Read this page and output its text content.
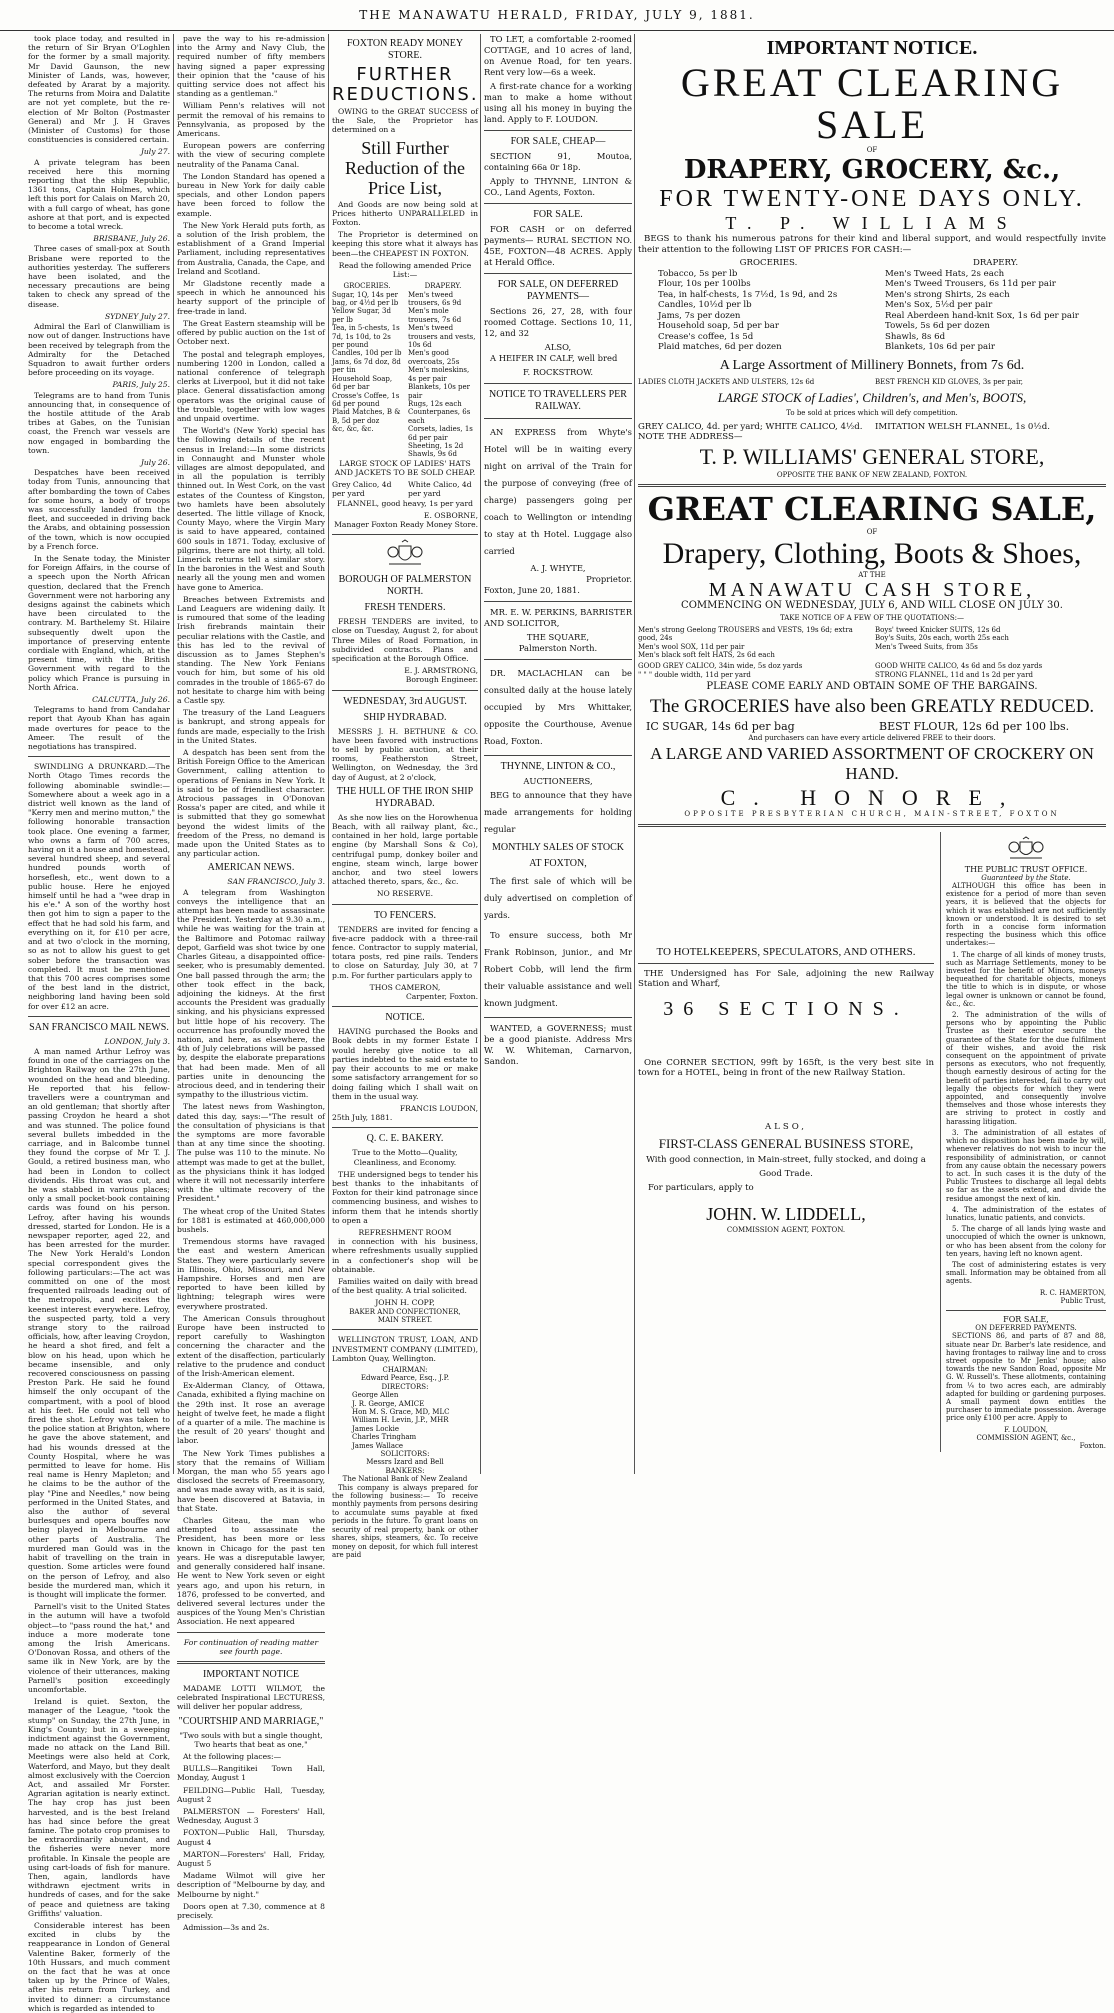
THE MANAWATU HERALD, FRIDAY, JULY 9, 1881.

took place today, and resulted in the return of Sir Bryan O'Loghlen for the former by a small majority. Mr David Gaunson, the new Minister of Lands, was, however, defeated by Ararat by a majority. The returns from Moira and Dalatite are not yet complete, but the re-election of Mr Bolton (Postmaster General) and Mr J. H Graves (Minister of Customs) for those constituencies is considered certain.

July 27.

A private telegram has been received here this morning reporting that the ship Republic, 1361 tons, Captain Holmes, which left this port for Calais on March 20, with a full cargo of wheat, has gone ashore at that port, and is expected to become a total wreck.

BRISBANE, July 26.

Three cases of small-pox at South Brisbane were reported to the authorities yesterday. The sufferers have been isolated, and the necessary precautions are being taken to check any spread of the disease.

SYDNEY July 27.

Admiral the Earl of Clanwilliam is now out of danger. Instructions have been received by telegraph from the Admiralty for the Detached Squadron to await further orders before proceeding on its voyage.

PARIS, July 25.

Telegrams are to hand from Tunis announcing that, in consequence of the hostile attitude of the Arab tribes at Gabes, on the Tunisian coast, the French war vessels are now engaged in bombarding the town.

July 26.

Despatches have been received today from Tunis, announcing that after bombarding the town of Cabes for some hours, a body of troops was successfully landed from the fleet, and succeeded in driving back the Arabs, and obtaining possession of the town, which is now occupied by a French force.

In the Senate today, the Minister for Foreign Affairs, in the course of a speech upon the North African question, declared that the French Government were not harboring any designs against the cabinets which have been circulated to the contrary. M. Barthelemy St. Hilaire subsequently dwelt upon the importance of preserving entente cordiale with England, which, at the present time, with the British Government with regard to the policy which France is pursuing in North Africa.

CALCUTTA, July 26.

Telegrams to hand from Candahar report that Ayoub Khan has again made overtures for peace to the Ameer. The result of the negotiations has transpired.

SWINDLING A DRUNKARD.—The North Otago Times records the following abominable swindle:—Somewhere about a week ago in a district well known as the land of "Kerry men and merino mutton," the following honorable transaction took place. One evening a farmer, who owns a farm of 700 acres, having on it a house and homestead, several hundred sheep, and several hundred pounds worth of horseflesh, etc., went down to a public house. Here he enjoyed himself until he had a "wee drap in his e'e." A son of the worthy host then got him to sign a paper to the effect that he had sold his farm, and everything on it, for £10 per acre, and at two o'clock in the morning, so as not to allow his guest to get sober before the transaction was completed. It must be mentioned that this 700 acres comprises some of the best land in the district, neighboring land having been sold for over £12 an acre.

SAN FRANCISCO MAIL NEWS.
LONDON, July 3.

A man named Arthur Lefroy was found in one of the carriages on the Brighton Railway on the 27th June, wounded on the head and bleeding. He reported that his fellow-travellers were a countryman and an old gentleman; that shortly after passing Croydon he heard a shot and was stunned. The police found several bullets imbedded in the carriage, and in Balcombe tunnel they found the corpse of Mr T. J. Gould, a retired business man, who had been in London to collect dividends. His throat was cut, and he was stabbed in various places; only a small pocket-book containing cards was found on his person. Lefroy, after having his wounds dressed, started for London. He is a newspaper reporter, aged 22, and has been arrested for the murder. The New York Herald's London special correspondent gives the following particulars:—The act was committed on one of the most frequented railroads leading out of the metropolis, and excites the keenest interest everywhere. Lefroy, the suspected party, told a very strange story to the railroad officials, how, after leaving Croydon, he heard a shot fired, and felt a blow on his head, upon which he became insensible, and only recovered consciousness on passing Preston Park. He said he found himself the only occupant of the compartment, with a pool of blood at his feet. He could not tell who fired the shot. Lefroy was taken to the police station at Brighton, where he gave the above statement, and had his wounds dressed at the County Hospital, where he was permitted to leave for home. His real name is Henry Mapleton; and he claims to be the author of the play "Pine and Needles," now being performed in the United States, and also the author of several burlesques and opera bouffes now being played in Melbourne and other parts of Australia. The murdered man Gould was in the habit of travelling on the train in question. Some articles were found on the person of Lefroy, and also beside the murdered man, which it is thought will implicate the former.

Parnell's visit to the United States in the autumn will have a twofold object—to "pass round the hat," and induce a more moderate tone among the Irish Americans. O'Donovan Rossa, and others of the same ilk in New York, are by the violence of their utterances, making Parnell's position exceedingly uncomfortable.

Ireland is quiet. Sexton, the manager of the League, "took the stump" on Sunday, the 27th June, in King's County; but in a sweeping indictment against the Government, made no attack on the Land Bill. Meetings were also held at Cork, Waterford, and Mayo, but they dealt almost exclusively with the Coercion Act, and assailed Mr Forster. Agrarian agitation is nearly extinct. The hay crop has just been harvested, and is the best Ireland has had since before the great famine. The potato crop promises to be extraordinarily abundant, and the fisheries were never more profitable. In Kinsale the people are using cart-loads of fish for manure. Then, again, landlords have withdrawn ejectment writs in hundreds of cases, and for the sake of peace and quietness are taking Griffiths' valuation.

Considerable interest has been excited in clubs by the reappearance in London of General Valentine Baker, formerly of the 10th Hussars, and much comment on the fact that he was at once taken up by the Prince of Wales, after his return from Turkey, and invited to dinner: a circumstance which is regarded as intended to

pave the way to his re-admission into the Army and Navy Club, the required number of fifty members having signed a paper expressing their opinion that the "cause of his quitting service does not affect his standing as a gentleman."

William Penn's relatives will not permit the removal of his remains to Pennsylvania, as proposed by the Americans.

European powers are conferring with the view of securing complete neutrality of the Panama Canal.

The London Standard has opened a bureau in New York for daily cable specials, and other London papers have been forced to follow the example.

The New York Herald puts forth, as a solution of the Irish problem, the establishment of a Grand Imperial Parliament, including representatives from Australia, Canada, the Cape, and Ireland and Scotland.

Mr Gladstone recently made a speech in which he announced his hearty support of the principle of free-trade in land.

The Great Eastern steamship will be offered by public auction on the 1st of October next.

The postal and telegraph employes, numbering 1200 in London, called a national conference of telegraph clerks at Liverpool, but it did not take place. General dissatisfaction among operators was the original cause of the trouble, together with low wages and unpaid overtime.

The World's (New York) special has the following details of the recent census in Ireland:—In some districts in Connaught and Munster whole villages are almost depopulated, and in all the population is terribly thinned out. In West Cork, on the vast estates of the Countess of Kingston, two hamlets have been absolutely deserted. The little village of Knock, County Mayo, where the Virgin Mary is said to have appeared, contained 600 souls in 1871. Today, exclusive of pilgrims, there are not thirty, all told. Limerick returns tell a similar story. In the baronies in the West and South nearly all the young men and women have gone to America.

Breaches between Extremists and Land Leaguers are widening daily. It is rumoured that some of the leading Irish firebrands maintain their peculiar relations with the Castle, and this has led to the revival of discussion as to James Stephen's standing. The New York Fenians vouch for him, but some of his old comrades in the trouble of 1865-67 do not hesitate to charge him with being a Castle spy.

The treasury of the Land Leaguers is bankrupt, and strong appeals for funds are made, especially to the Irish in the United States.

A despatch has been sent from the British Foreign Office to the American Government, calling attention to operations of Fenians in New York. It is said to be of friendliest character. Atrocious passages in O'Donovan Rossa's paper are cited, and while it is submitted that they go somewhat beyond the widest limits of the freedom of the Press, no demand is made upon the United States as to any particular action.

AMERICAN NEWS.
SAN FRANCISCO, July 3.

A telegram from Washington conveys the intelligence that an attempt has been made to assassinate the President. Yesterday at 9.30 a.m., while he was waiting for the train at the Baltimore and Potomac railway depot, Garfield was shot twice by one Charles Giteau, a disappointed office-seeker, who is presumably demented. One ball passed through the arm; the other took effect in the back, adjoining the kidneys. At the first accounts the President was gradually sinking, and his physicians expressed but little hope of his recovery. The occurrence has profoundly moved the nation, and here, as elsewhere, the 4th of July celebrations will be passed by, despite the elaborate preparations that had been made. Men of all parties unite in denouncing the atrocious deed, and in tendering their sympathy to the illustrious victim.

The latest news from Washington, dated this day, says:—"The result of the consultation of physicians is that the symptoms are more favorable than at any time since the shooting. The pulse was 110 to the minute. No attempt was made to get at the bullet, as the physicians think it has lodged where it will not necessarily interfere with the ultimate recovery of the President."

The wheat crop of the United States for 1881 is estimated at 460,000,000 bushels.

Tremendous storms have ravaged the east and western American States. They were particularly severe in Illinois, Ohio, Missouri, and New Hampshire. Horses and men are reported to have been killed by lightning; telegraph wires were everywhere prostrated.

The American Consuls throughout Europe have been instructed to report carefully to Washington concerning the character and the extent of the disaffection, particularly relative to the prudence and conduct of the Irish-American element.

Ex-Alderman Clancy, of Ottawa, Canada, exhibited a flying machine on the 29th inst. It rose an average height of twelve feet, he made a flight of a quarter of a mile. The machine is the result of 20 years' thought and labor.

The New York Times publishes a story that the remains of William Morgan, the man who 55 years ago disclosed the secrets of Freemasonry, and was made away with, as it is said, have been discovered at Batavia, in that State.

Charles Giteau, the man who attempted to assassinate the President, has been more or less known in Chicago for the past ten years. He was a disreputable lawyer, and generally considered half insane. He went to New York seven or eight years ago, and upon his return, in 1876, professed to be converted, and delivered several lectures under the auspices of the Young Men's Christian Association. He next appeared

For continuation of reading matter see fourth page.

IMPORTANT NOTICE

MADAME LOTTI WILMOT, the celebrated Inspirational LECTURESS, will deliver her popular address,

"COURTSHIP AND MARRIAGE,"

"Two souls with but a single thought, Two hearts that beat as one,"

At the following places:—

BULLS—Rangitikei Town Hall, Monday, August 1

FEILDING—Public Hall, Tuesday, August 2

PALMERSTON — Foresters' Hall, Wednesday, August 3

FOXTON—Public Hall, Thursday, August 4

MARTON—Foresters' Hall, Friday, August 5

Madame Wilmot will give her description of "Melbourne by day, and Melbourne by night."

Doors open at 7.30, commence at 8 precisely.

Admission—3s and 2s.

FOXTON READY MONEY STORE.
FURTHER REDUCTIONS.

OWING to the GREAT SUCCESS of the Sale, the Proprietor has determined on a

Still Further Reduction of the Price List,

And Goods are now being sold at Prices hitherto UNPARALLELED in Foxton.

The Proprietor is determined on keeping this store what it always has been—the CHEAPEST IN FOXTON.

Read the following amended Price List:—

GROCERIES.
Sugar, 1Q, 14s per bag, or 4½d per lb
Yellow Sugar, 3d per lb
Tea, in 5-chests, 1s 7d, 1s 10d, to 2s per pound
Candles, 10d per lb
Jams, 6s 7d doz, 8d per tin
Household Soap, 6d per bar
Crosse's Coffee, 1s 6d per pound
Plaid Matches, B & B, 5d per doz
&c, &c, &c.
DRAPERY.
Men's tweed trousers, 6s 9d
Men's mole trousers, 7s 6d
Men's tweed trousers and vests, 10s 6d
Men's good overcoats, 25s
Men's moleskins, 4s per pair
Blankets, 10s per pair
Rugs, 12s each
Counterpanes, 6s each
Corsets, ladies, 1s 6d per pair
Sheeting, 1s 2d
Shawls, 9s 6d

LARGE STOCK OF LADIES' HATS AND JACKETS TO BE SOLD CHEAP.

Grey Calico, 4d per yard
White Calico, 4d per yard

FLANNEL, good heavy, 1s per yard

E. OSBORNE,
Manager Foxton Ready Money Store.
BOROUGH OF PALMERSTON NORTH.
FRESH TENDERS.

FRESH TENDERS are invited, to close on Tuesday, August 2, for about Three Miles of Road Formation, in subdivided contracts. Plans and specification at the Borough Office.

E. J. ARMSTRONG,
Borough Engineer.
WEDNESDAY, 3rd AUGUST.
SHIP HYDRABAD.

MESSRS J. H. BETHUNE & CO. have been favored with instructions to sell by public auction, at their rooms, Featherston Street, Wellington, on Wednesday, the 3rd day of August, at 2 o'clock,

THE HULL OF THE IRON SHIP HYDRABAD.

As she now lies on the Horowhenua Beach, with all railway plant, &c., contained in her hold, large portable engine (by Marshall Sons & Co), centrifugal pump, donkey boiler and engine, steam winch, large bower anchor, and two steel lowers attached thereto, spars, &c., &c.

NO RESERVE.
TO FENCERS.

TENDERS are invited for fencing a five-acre paddock with a three-rail fence. Contractor to supply material, totara posts, red pine rails. Tenders to close on Saturday, July 30, at 7 p.m. For further particulars apply to

THOS CAMERON,
Carpenter, Foxton.
NOTICE.

HAVING purchased the Books and Book debts in my former Estate I would hereby give notice to all parties indebted to the said estate to pay their accounts to me or make some satisfactory arrangement for so doing failing which I shall wait on them in the usual way.

FRANCIS LOUDON,
25th July, 1881.
Q. C. E. BAKERY.

True to the Motto—Quality, Cleanliness, and Economy.

THE undersigned begs to tender his best thanks to the inhabitants of Foxton for their kind patronage since commencing business, and wishes to inform them that he intends shortly to open a

REFRESHMENT ROOM

in connection with his business, where refreshments usually supplied in a confectioner's shop will be obtainable.

Families waited on daily with bread of the best quality. A trial solicited.

JOHN H. COPP,
BAKER AND CONFECTIONER,
MAIN STREET.

WELLINGTON TRUST, LOAN, AND INVESTMENT COMPANY (LIMITED), Lambton Quay, Wellington.

CHAIRMAN:
Edward Pearce, Esq., J.P.
DIRECTORS:
George Allen
J. R. George, AMICE
Hon M. S. Grace, MD, MLC
William H. Levin, J.P., MHR
James Lockie
Charles Tringham
James Wallace
SOLICITORS:
Messrs Izard and Bell
BANKERS:
The National Bank of New Zealand

This company is always prepared for the following business:— To receive monthly payments from persons desiring to accumulate sums payable at fixed periods in the future. To grant loans on security of real property, bank or other shares, ships, steamers, &c. To receive money on deposit, for which full interest are paid

TO LET, a comfortable 2-roomed COTTAGE, and 10 acres of land, on Avenue Road, for ten years. Rent very low—6s a week.

A first-rate chance for a working man to make a home without using all his money in buying the land. Apply to F. LOUDON.

FOR SALE, CHEAP—

SECTION 91, Moutoa, containing 66a 0r 18p.

Apply to THYNNE, LINTON & CO., Land Agents, Foxton.

FOR SALE.

FOR CASH or on deferred payments— RURAL SECTION NO. 45E, FOXTON—48 ACRES. Apply at Herald Office.

FOR SALE, ON DEFERRED PAYMENTS—

Sections 26, 27, 28, with four roomed Cottage. Sections 10, 11, 12, and 32

ALSO,

A HEIFER IN CALF, well bred

F. ROCKSTROW.
NOTICE TO TRAVELLERS PER RAILWAY.

AN EXPRESS from Whyte's Hotel will be in waiting every night on arrival of the Train for the purpose of conveying (free of charge) passengers going per coach to Wellington or intending to stay at th Hotel. Luggage also carried

A. J. WHYTE,
Proprietor.
Foxton, June 20, 1881.

MR. E. W. PERKINS, BARRISTER AND SOLICITOR,

THE SQUARE,
Palmerston North.

DR. MACLACHLAN can be consulted daily at the house lately occupied by Mrs Whittaker, opposite the Courthouse, Avenue Road, Foxton.

THYNNE, LINTON & CO.,
AUCTIONEERS,

BEG to announce that they have made arrangements for holding regular

MONTHLY SALES OF STOCK
AT FOXTON,

The first sale of which will be duly advertised on completion of yards.

To ensure success, both Mr Frank Robinson, junior., and Mr Robert Cobb, will lend the firm their valuable assistance and well known judgment.

WANTED, a GOVERNESS; must be a good pianiste. Address Mrs W. W. Whiteman, Carnarvon, Sandon.

IMPORTANT NOTICE.
GREAT CLEARING SALE
OF
DRAPERY, GROCERY, &c.,
FOR TWENTY-ONE DAYS ONLY.
T. P. WILLIAMS

BEGS to thank his numerous patrons for their kind and liberal support, and would respectfully invite their attention to the following LIST OF PRICES FOR CASH:—

GROCERIES.
Tobacco, 5s per lb
Flour, 10s per 100lbs
Tea, in half-chests, 1s 7½d, 1s 9d, and 2s
Candles, 10½d per lb
Jams, 7s per dozen
Household soap, 5d per bar
Crease's coffee, 1s 5d
Plaid matches, 6d per dozen
DRAPERY.
Men's Tweed Hats, 2s each
Men's Tweed Trousers, 6s 11d per pair
Men's strong Shirts, 2s each
Men's Sox, 5½d per pair
Real Aberdeen hand-knit Sox, 1s 6d per pair
Towels, 5s 6d per dozen
Shawls, 8s 6d
Blankets, 10s 6d per pair
A Large Assortment of Millinery Bonnets, from 7s 6d.
LADIES CLOTH JACKETS AND ULSTERS, 12s 6d	BEST FRENCH KID GLOVES, 3s per pair,
LARGE STOCK of Ladies', Children's, and Men's, BOOTS,
To be sold at prices which will defy competition.
GREY CALICO, 4d. per yard; WHITE CALICO, 4½d.	IMITATION WELSH FLANNEL, 1s 0½d.
NOTE THE ADDRESS—
T. P. WILLIAMS' GENERAL STORE,
OPPOSITE THE BANK OF NEW ZEALAND, FOXTON.
GREAT CLEARING SALE,
OF
Drapery, Clothing, Boots & Shoes,
AT THE
MANAWATU CASH STORE,
COMMENCING ON WEDNESDAY, JULY 6, AND WILL CLOSE ON JULY 30.
TAKE NOTICE OF A FEW OF THE QUOTATIONS:—
Men's strong Geelong TROUSERS and VESTS, 19s 6d; extra good, 24s
Men's wool SOX, 11d per pair
Men's black soft felt HATS, 2s 6d each
Boys' tweed Knicker SUITS, 12s 6d
Boy's Suits, 20s each, worth 25s each
Men's Tweed Suits, from 35s
GOOD GREY CALICO, 34in wide, 5s doz yards
" " " double width, 11d per yard
GOOD WHITE CALICO, 4s 6d and 5s doz yards
STRONG FLANNEL, 11d and 1s 2d per yard
PLEASE COME EARLY AND OBTAIN SOME OF THE BARGAINS.
The GROCERIES have also been GREATLY REDUCED.
IC SUGAR, 14s 6d per bag	BEST FLOUR, 12s 6d per 100 lbs.
And purchasers can have every article delivered FREE to their doors.
A LARGE AND VARIED ASSORTMENT OF CROCKERY ON HAND.
C. HONORE,
OPPOSITE PRESBYTERIAN CHURCH, MAIN-STREET, FOXTON
TO HOTELKEEPERS, SPECULATORS, AND OTHERS.

THE Undersigned has For Sale, adjoining the new Railway Station and Wharf,

36 SECTIONS.

One CORNER SECTION, 99ft by 165ft, is the very best site in town for a HOTEL, being in front of the new Railway Station.

ALSO,
FIRST-CLASS GENERAL BUSINESS STORE,

With good connection, in Main-street, fully stocked, and doing a

Good Trade.
For particulars, apply to
JOHN. W. LIDDELL,
COMMISSION AGENT, FOXTON.
THE PUBLIC TRUST OFFICE.
Guaranteed by the State.

ALTHOUGH this office has been in existence for a period of more than seven years, it is believed that the objects for which it was established are not sufficiently known or understood. It is desired to set forth in a concise form information respecting the business which this office undertakes:—

1. The charge of all kinds of money trusts, such as Marriage Settlements, money to be invested for the benefit of Minors, moneys bequeathed for charitable objects, moneys the title to which is in dispute, or whose legal owner is unknown or cannot be found, &c., &c.

2. The administration of the wills of persons who by appointing the Public Trustee as their executor secure the guarantee of the State for the due fulfilment of their wishes, and avoid the risk consequent on the appointment of private persons as executors, who not frequently, though earnestly desirous of acting for the benefit of parties interested, fail to carry out legally the objects for which they were appointed, and consequently involve themselves and those whose interests they are striving to protect in costly and harassing litigation.

3. The administration of all estates of which no disposition has been made by will, whenever relatives do not wish to incur the responsibility of administration, or cannot from any cause obtain the necessary powers to act. In such cases it is the duty of the Public Trustees to discharge all legal debts so far as the assets extend, and divide the residue amongst the next of kin.

4. The administration of the estates of lunatics, lunatic patients, and convicts.

5. The charge of all lands lying waste and unoccupied of which the owner is unknown, or who has been absent from the colony for ten years, having left no known agent.

The cost of administering estates is very small. Information may be obtained from all agents.

R. C. HAMERTON,
Public Trust,
FOR SALE,
ON DEFERRED PAYMENTS.

SECTIONS 86, and parts of 87 and 88, situate near Dr. Barber's late residence, and having frontages to railway line and to cross street opposite to Mr Jenks' house; also towards the new Sandon Road, opposite Mr G. W. Russell's. These allotments, containing from ¼ to two acres each, are admirably adapted for building or gardening purposes. A small payment down entitles the purchaser to immediate possession. Average price only £100 per acre. Apply to

F. LOUDON,
COMMISSION AGENT, &c.,
Foxton.
